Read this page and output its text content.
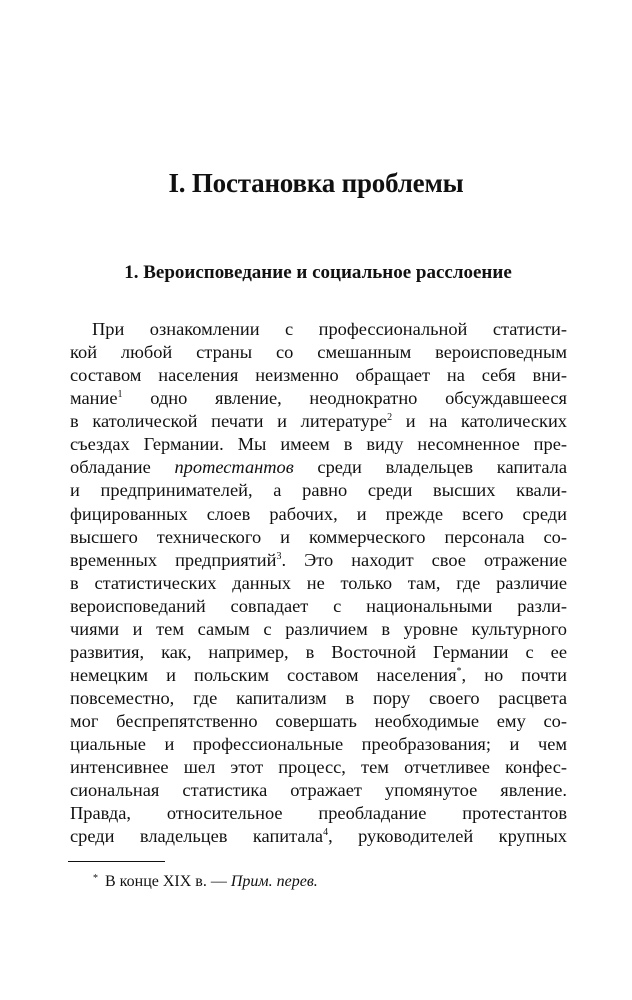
I. Постановка проблемы
1. Вероисповедание и социальное расслоение
При ознакомлении с профессиональной статисти-
кой любой страны со смешанным вероисповедным
составом населения неизменно обращает на себя вни-
мание$^1$ одно явление, неоднократно обсуждавшееся
в католической печати и литературе$^2$ и на католических
съездах Германии. Мы имеем в виду несомненное пре-
обладание протестантов среди владельцев капитала
и предпринимателей, а равно среди высших квали-
фицированных слоев рабочих, и прежде всего среди
высшего технического и коммерческого персонала со-
временных предприятий$^3$. Это находит свое отражение
в статистических данных не только там, где различие
вероисповеданий совпадает с национальными разли-
чиями и тем самым с различием в уровне культурного
развития, как, например, в Восточной Германии с ее
немецким и польским составом населения*, но почти
повсеместно, где капитализм в пору своего расцвета
мог беспрепятственно совершать необходимые ему со-
циальные и профессиональные преобразования; и чем
интенсивнее шел этот процесс, тем отчетливее конфес-
сиональная статистика отражает упомянутое явление.
Правда, относительное преобладание протестантов
среди владельцев капитала$^4$, руководителей крупных
* В конце XIX в. — Прим. перев.
